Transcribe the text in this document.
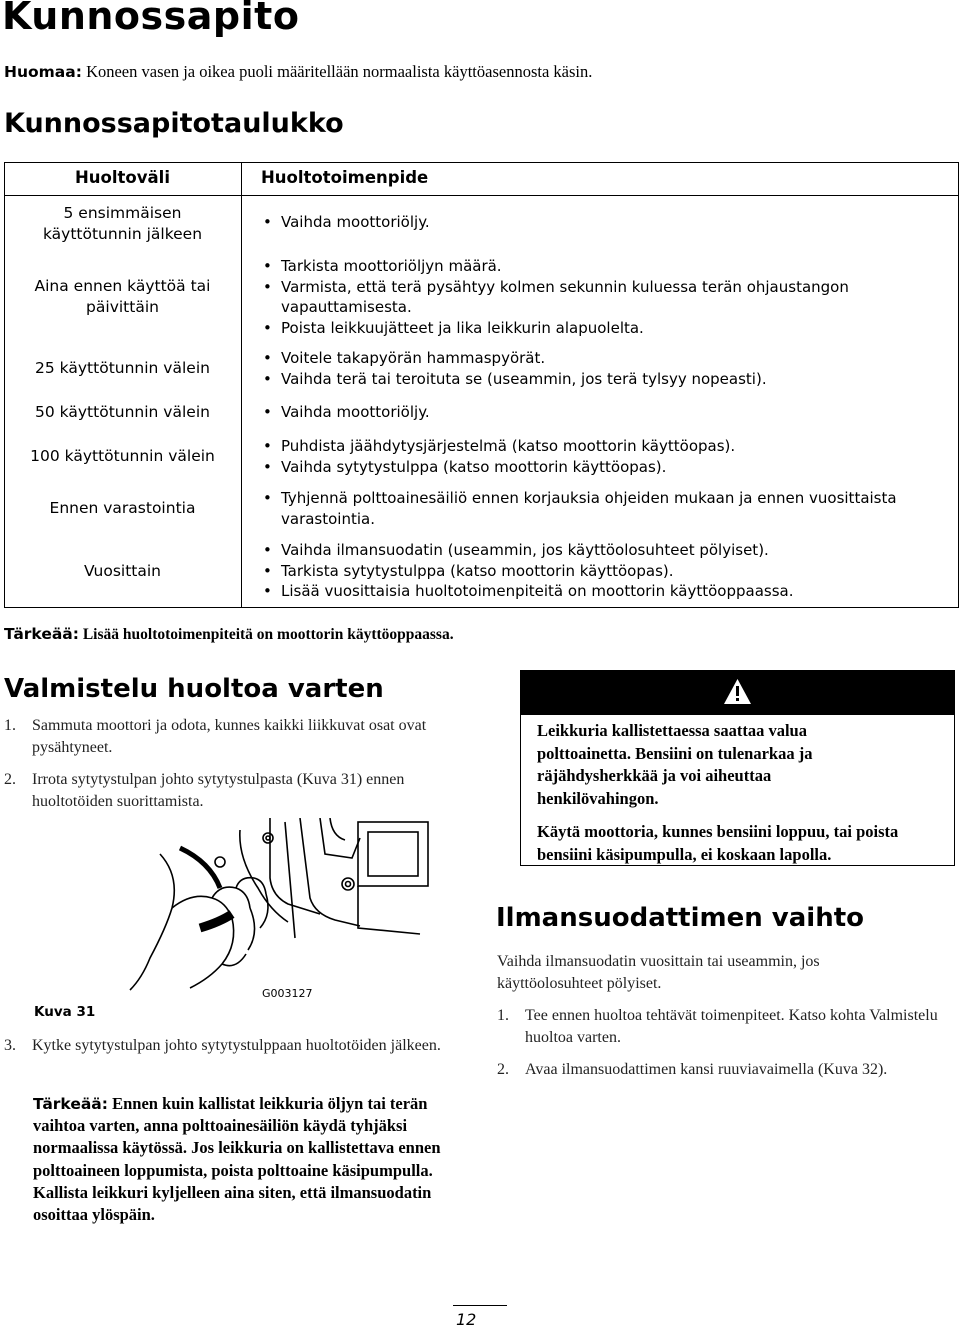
Kunnossapito
Huomaa: Koneen vasen ja oikea puoli määritellään normaalista käyttöasennosta käsin.
Kunnossapitotaulukko
Huoltoväli	Huoltotoimenpide
5 ensimmäisen käyttötunnin jälkeen
• Vaihda moottoriöljy.
Aina ennen käyttöä tai päivittäin
• Tarkista moottoriöljyn määrä.
• Varmista, että terä pysähtyy kolmen sekunnin kuluessa terän ohjaustangon vapauttamisesta.
• Poista leikkuujätteet ja lika leikkurin alapuolelta.
25 käyttötunnin välein
• Voitele takapyörän hammaspyörät.
• Vaihda terä tai teroituta se (useammin, jos terä tylsyy nopeasti).
50 käyttötunnin välein
•	Vaihda moottoriöljy.
100 käyttötunnin välein
• Puhdista jäähdytysjärjestelmä (katso moottorin käyttöopas).
• Vaihda sytytystulppa (katso moottorin käyttöopas).
Ennen varastointia
• Tyhjennä polttoainesäiliö ennen korjauksia ohjeiden mukaan ja ennen vuosittaista varastointia.
Vuosittain
• Vaihda ilmansuodatin (useammin, jos käyttöolosuhteet pölyiset).
• Tarkista sytytystulppa (katso moottorin käyttöopas).
• Lisää vuosittaisia huoltotoimenpiteitä on moottorin käyttöoppaassa.
Tärkeää: Lisää huoltotoimenpiteitä on moottorin käyttöoppaassa.
Valmistelu huoltoa varten
1. Sammuta moottori ja odota, kunnes kaikki liikkuvat osat ovat pysähtyneet.
2. Irrota sytytystulpan johto sytytystulpasta (Kuva 31) ennen huoltotöiden suorittamista.
G003127
Kuva 31
3. Kytke sytytystulpan johto sytytystulppaan huoltotöiden jälkeen.
Tärkeää: Ennen kuin kallistat leikkuria öljyn tai terän vaihtoa varten, anna polttoainesäiliön käydä tyhjäksi normaalissa käytössä. Jos leikkuria on kallistettava ennen polttoaineen loppumista, poista polttoaine käsipumpulla. Kallista leikkuri kyljelleen aina siten, että ilmansuodatin osoittaa ylöspäin.
Leikkuria kallistettaessa saattaa valua polttoainetta. Bensiini on tulenarkaa ja räjähdysherkkää ja voi aiheuttaa henkilövahingon.
Käytä moottoria, kunnes bensiini loppuu, tai poista bensiini käsipumpulla, ei koskaan lapolla.
Ilmansuodattimen vaihto
Vaihda ilmansuodatin vuosittain tai useammin, jos käyttöolosuhteet pölyiset.
1. Tee ennen huoltoa tehtävät toimenpiteet. Katso kohta Valmistelu huoltoa varten.
2. Avaa ilmansuodattimen kansi ruuviavaimella (Kuva 32).
12
